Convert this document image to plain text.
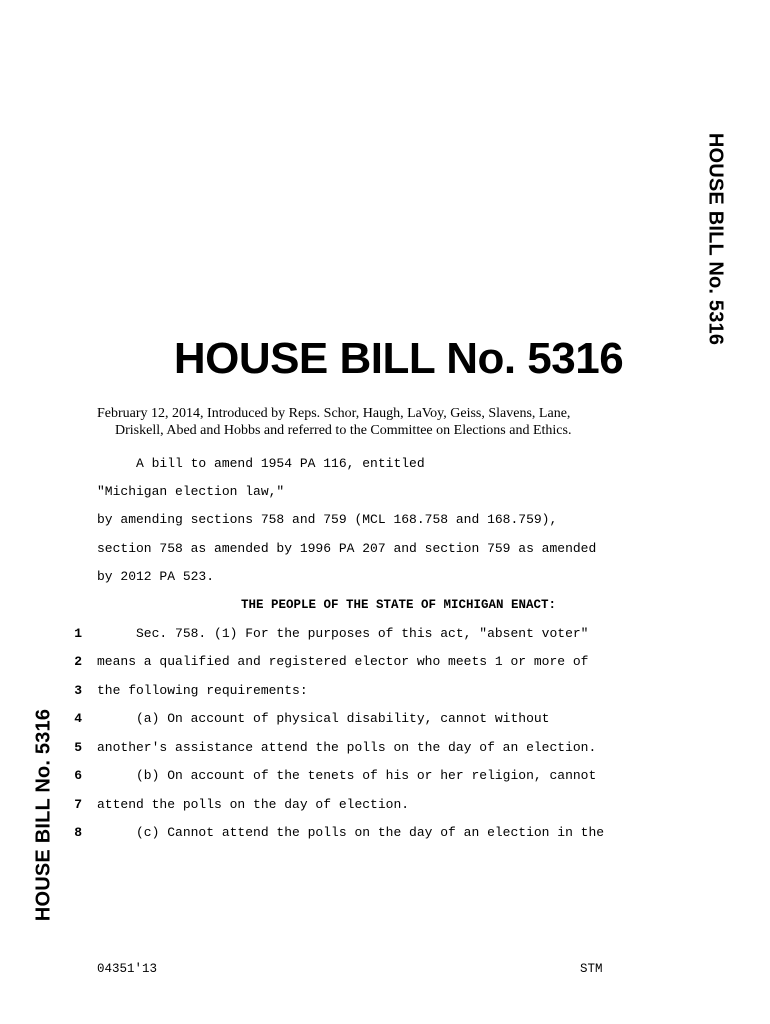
HOUSE BILL No. 5316
HOUSE BILL No. 5316
HOUSE BILL No. 5316
February 12, 2014, Introduced by Reps. Schor, Haugh, LaVoy, Geiss, Slavens, Lane,
Driskell, Abed and Hobbs and referred to the Committee on Elections and Ethics.
A bill to amend 1954 PA 116, entitled
"Michigan election law,"
by amending sections 758 and 759 (MCL 168.758 and 168.759),
section 758 as amended by 1996 PA 207 and section 759 as amended
by 2012 PA 523.
THE PEOPLE OF THE STATE OF MICHIGAN ENACT:
1 Sec. 758. (1) For the purposes of this act, "absent voter"
2 means a qualified and registered elector who meets 1 or more of
3 the following requirements:
4 (a) On account of physical disability, cannot without
5 another's assistance attend the polls on the day of an election.
6 (b) On account of the tenets of his or her religion, cannot
7 attend the polls on the day of election.
8 (c) Cannot attend the polls on the day of an election in the
04351'13	STM
